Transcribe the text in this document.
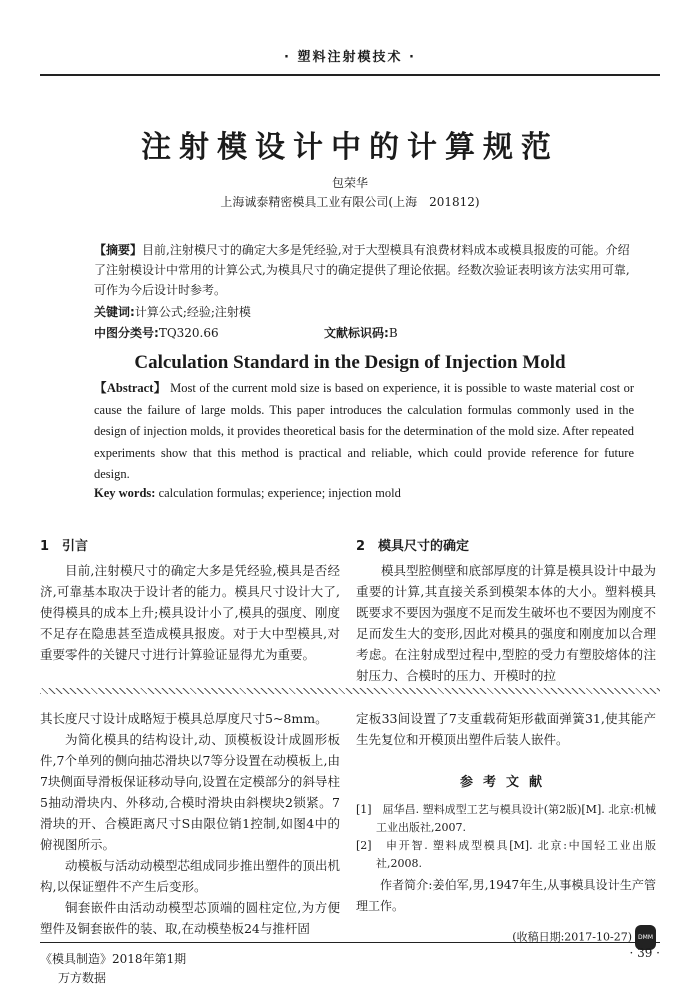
· 塑料注射模技术 ·
注射模设计中的计算规范
包荣华
上海诚泰精密模具工业有限公司(上海　201812)
【摘要】目前,注射模尺寸的确定大多是凭经验,对于大型模具有浪费材料成本或模具报废的可能。介绍了注射模设计中常用的计算公式,为模具尺寸的确定提供了理论依据。经数次验证表明该方法实用可靠,可作为今后设计时参考。
关键词:计算公式;经验;注射模
中图分类号:TQ320.66	文献标识码:B
Calculation Standard in the Design of Injection Mold
【Abstract】 Most of the current mold size is based on experience, it is possible to waste material cost or cause the failure of large molds. This paper introduces the calculation formulas commonly used in the design of injection molds, it provides theoretical basis for the determination of the mold size. After repeated experiments show that this method is practical and reliable, which could provide reference for future design.
Key words: calculation formulas; experience; injection mold
1　引言

目前,注射模尺寸的确定大多是凭经验,模具是否经济,可靠基本取决于设计者的能力。模具尺寸设计大了,使得模具的成本上升;模具设计小了,模具的强度、刚度不足存在隐患甚至造成模具报废。对于大中型模具,对重要零件的关键尺寸进行计算验证显得尤为重要。

2　模具尺寸的确定

模具型腔侧壁和底部厚度的计算是模具设计中最为重要的计算,其直接关系到模架本体的大小。塑料模具既要求不要因为强度不足而发生破坏也不要因为刚度不足而发生大的变形,因此对模具的强度和刚度加以合理考虑。在注射成型过程中,型腔的受力有塑胶熔体的注射压力、合模时的压力、开模时的拉

其长度尺寸设计成略短于模具总厚度尺寸5~8mm。

为简化模具的结构设计,动、顶模板设计成圆形板件,7个单列的侧向抽芯滑块以7等分设置在动模板上,由7块侧面导滑板保证移动导向,设置在定模部分的斜导柱5抽动滑块内、外移动,合模时滑块由斜楔块2锁紧。7滑块的开、合模距离尺寸S由限位销1控制,如图4中的俯视图所示。

动模板与活动动模型芯组成同步推出塑件的顶出机构,以保证塑件不产生后变形。

铜套嵌件由活动动模型芯顶端的圆柱定位,为方便塑件及铜套嵌件的装、取,在动模垫板24与推杆固

定板33间设置了7支重载荷矩形截面弹簧31,使其能产生先复位和开模顶出塑件后装人嵌件。

参考文献

[1]　屈华昌. 塑料成型工艺与模具设计(第2版)[M]. 北京:机械工业出版社,2007.

[2]　申开智. 塑料成型模具[M]. 北京:中国轻工业出版社,2008.

作者简介:姜伯军,男,1947年生,从事模具设计生产管理工作。

(收稿日期:2017-10-27) DMM
《模具制造》2018年第1期
万方数据
· 39 ·
